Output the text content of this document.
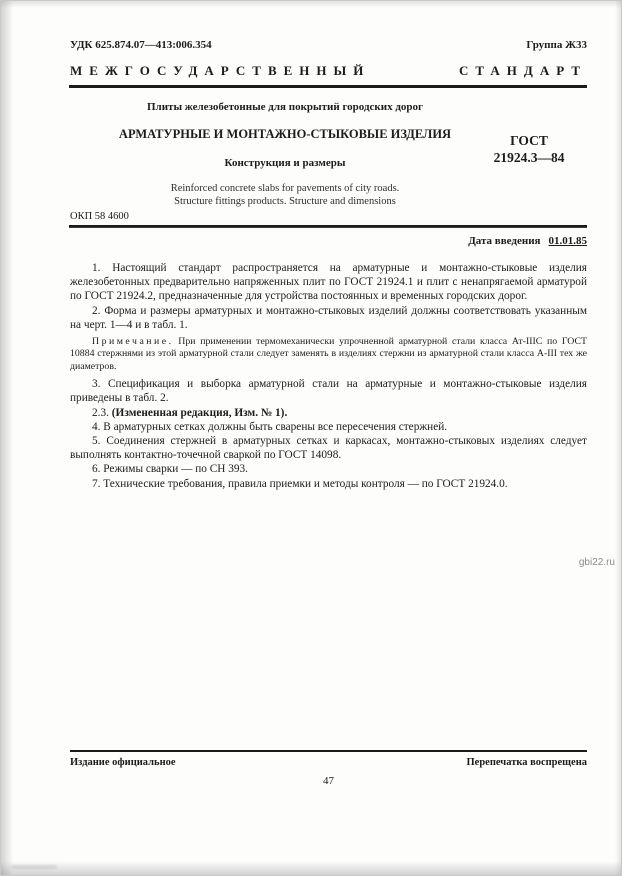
УДК 625.874.07—413:006.354	Группа Ж33
МЕЖГОСУДАРСТВЕННЫЙ	СТАНДАРТ
Плиты железобетонные для покрытий городских дорог
АРМАТУРНЫЕ И МОНТАЖНО-СТЫКОВЫЕ ИЗДЕЛИЯ
Конструкция и размеры
Reinforced concrete slabs for pavements of city roads.
Structure fittings products. Structure and dimensions
ГОСТ
21924.3—84
ОКП 58 4600
Дата введения 01.01.85

1. Настоящий стандарт распространяется на арматурные и монтажно-стыковые изделия железобетонных предварительно напряженных плит по ГОСТ 21924.1 и плит с ненапрягаемой арматурой по ГОСТ 21924.2, предназначенные для устройства постоянных и временных городских дорог.

2. Форма и размеры арматурных и монтажно-стыковых изделий должны соответствовать указанным на черт. 1—4 и в табл. 1.

Примечание. При применении термомеханически упрочненной арматурной стали класса Ат-IIIС по ГОСТ 10884 стержнями из этой арматурной стали следует заменять в изделиях стержни из арматурной стали класса А-III тех же диаметров.

3. Спецификация и выборка арматурной стали на арматурные и монтажно-стыковые изделия приведены в табл. 2.

2.3. (Измененная редакция, Изм. № 1).

4. В арматурных сетках должны быть сварены все пересечения стержней.

5. Соединения стержней в арматурных сетках и каркасах, монтажно-стыковых изделиях следует выполнять контактно-точечной сваркой по ГОСТ 14098.

6. Режимы сварки — по СН 393.

7. Технические требования, правила приемки и методы контроля — по ГОСТ 21924.0.

gbi22.ru
Издание официальное	Перепечатка воспрещена
47
